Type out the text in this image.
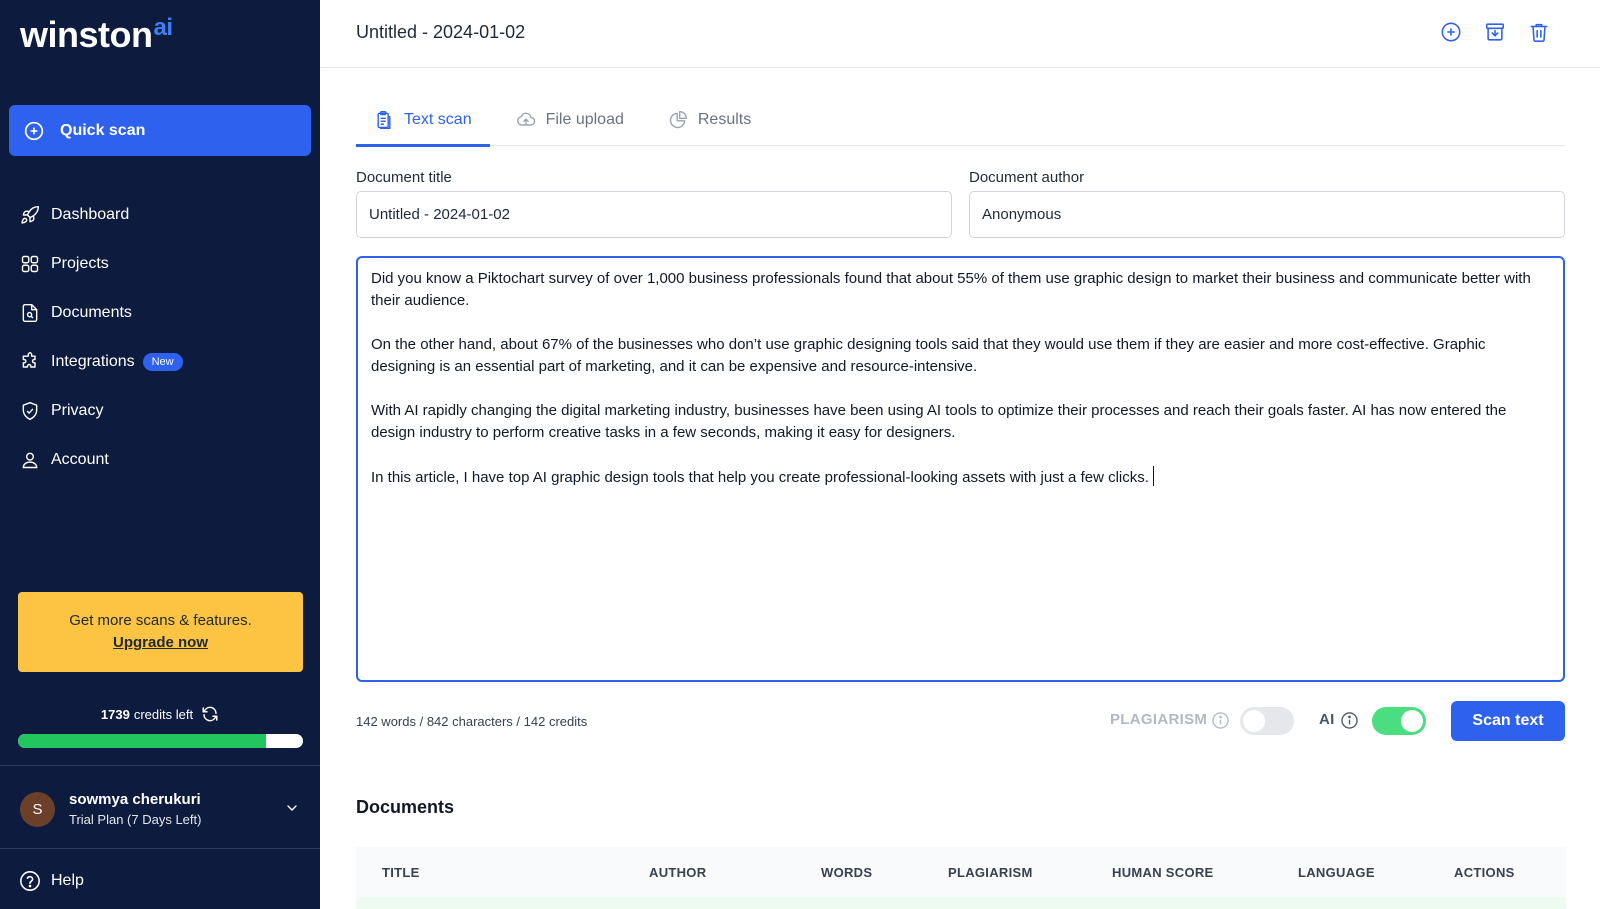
winston$^{ai}$
Quick scan
Dashboard
Projects
Documents
Integrations	New
Privacy
Account
Get more scans & features.
Upgrade now
1739 credits left
S
sowmya cherukuri
Trial Plan (7 Days Left)
Help
Untitled - 2024-01-02
Text scan	File upload	Results
Document title
Untitled - 2024-01-02	Document author
Anonymous

Did you know a Piktochart survey of over 1,000 business professionals found that about 55% of them use graphic design to market their business and communicate better with their audience.

On the other hand, about 67% of the businesses who don’t use graphic designing tools said that they would use them if they are easier and more cost-effective. Graphic designing is an essential part of marketing, and it can be expensive and resource-intensive.

With AI rapidly changing the digital marketing industry, businesses have been using AI tools to optimize their processes and reach their goals faster. AI has now entered the design industry to perform creative tasks in a few seconds, making it easy for designers.

In this article, I have top AI graphic design tools that help you create professional-looking assets with just a few clicks.

142 words / 842 characters / 142 credits	PLAGIARISM	AI	Scan text
Documents
TITLE	AUTHOR	WORDS	PLAGIARISM	HUMAN SCORE	LANGUAGE	ACTIONS
